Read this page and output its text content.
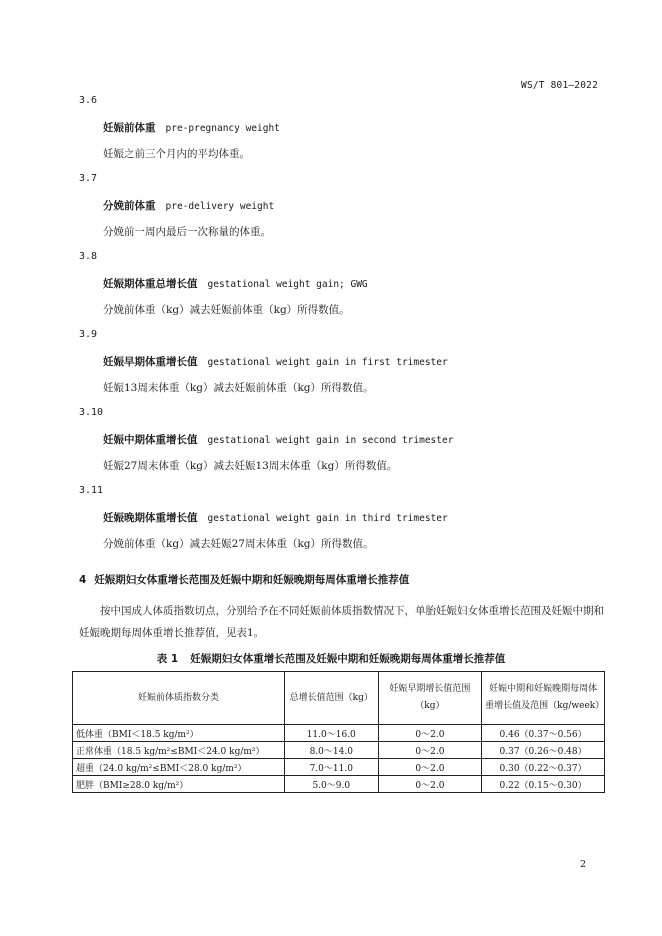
WS/T 801—2022
3.6
妊娠前体重 pre-pregnancy weight
妊娠之前三个月内的平均体重。
3.7
分娩前体重 pre-delivery weight
分娩前一周内最后一次称量的体重。
3.8
妊娠期体重总增长值 gestational weight gain; GWG
分娩前体重（kg）减去妊娠前体重（kg）所得数值。
3.9
妊娠早期体重增长值 gestational weight gain in first trimester
妊娠13周末体重（kg）减去妊娠前体重（kg）所得数值。
3.10
妊娠中期体重增长值 gestational weight gain in second trimester
妊娠27周末体重（kg）减去妊娠13周末体重（kg）所得数值。
3.11
妊娠晚期体重增长值 gestational weight gain in third trimester
分娩前体重（kg）减去妊娠27周末体重（kg）所得数值。
4 妊娠期妇女体重增长范围及妊娠中期和妊娠晚期每周体重增长推荐值
按中国成人体质指数切点，分别给予在不同妊娠前体质指数情况下，单胎妊娠妇女体重增长范围及妊娠中期和妊娠晚期每周体重增长推荐值，见表1。
表 1 妊娠期妇女体重增长范围及妊娠中期和妊娠晚期每周体重增长推荐值
妊娠前体质指数分类	总增长值范围（kg）	妊娠早期增长值范围（kg）	妊娠中期和妊娠晚期每周体重增长值及范围（kg/week）
低体重（BMI＜18.5 kg/m²）	11.0～16.0	0～2.0	0.46（0.37～0.56）
正常体重（18.5 kg/m²≤BMI＜24.0 kg/m²）	8.0～14.0	0～2.0	0.37（0.26～0.48）
超重（24.0 kg/m²≤BMI＜28.0 kg/m²）	7.0～11.0	0～2.0	0.30（0.22～0.37）
肥胖（BMI≥28.0 kg/m²）	5.0～9.0	0～2.0	0.22（0.15～0.30）
2
